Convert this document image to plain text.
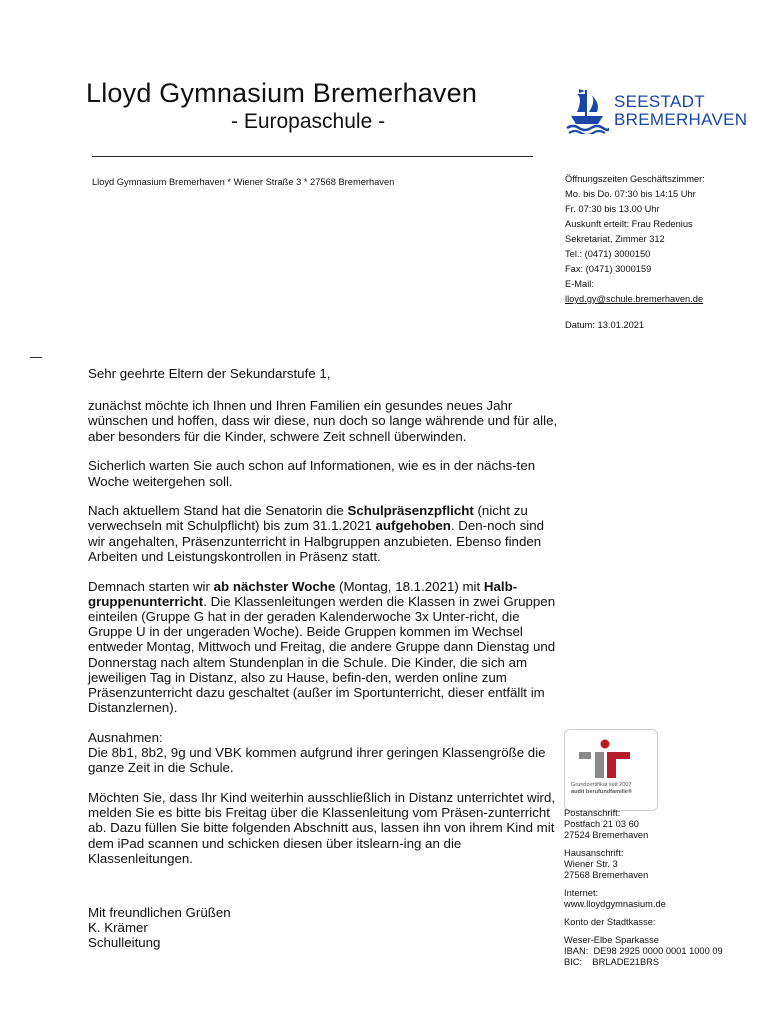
Lloyd Gymnasium Bremerhaven
- Europaschule -
Lloyd Gymnasium Bremerhaven * Wiener Straße 3 * 27568 Bremerhaven
SEESTADT
BREMERHAVEN
Öffnungszeiten Geschäftszimmer:
Mo. bis Do. 07:30 bis 14:15 Uhr
Fr. 07:30 bis 13.00 Uhr
Auskunft erteilt: Frau Redenius
Sekretariat, Zimmer 312
Tel.: (0471) 3000150
Fax: (0471) 3000159
E-Mail:
lloyd.gy@schule.bremerhaven.de
Datum: 13.01.2021

Sehr geehrte Eltern der Sekundarstufe 1,

zunächst möchte ich Ihnen und Ihren Familien ein gesundes neues Jahr wünschen und hoffen, dass wir diese, nun doch so lange währende und für alle, aber besonders für die Kinder, schwere Zeit schnell überwinden.

Sicherlich warten Sie auch schon auf Informationen, wie es in der nächs-ten Woche weitergehen soll.

Nach aktuellem Stand hat die Senatorin die Schulpräsenzpflicht (nicht zu verwechseln mit Schulpflicht) bis zum 31.1.2021 aufgehoben. Den-noch sind wir angehalten, Präsenzunterricht in Halbgruppen anzubieten. Ebenso finden Arbeiten und Leistungskontrollen in Präsenz statt.

Demnach starten wir ab nächster Woche (Montag, 18.1.2021) mit Halb-gruppenunterricht. Die Klassenleitungen werden die Klassen in zwei Gruppen einteilen (Gruppe G hat in der geraden Kalenderwoche 3x Unter-richt, die Gruppe U in der ungeraden Woche). Beide Gruppen kommen im Wechsel entweder Montag, Mittwoch und Freitag, die andere Gruppe dann Dienstag und Donnerstag nach altem Stundenplan in die Schule. Die Kinder, die sich am jeweiligen Tag in Distanz, also zu Hause, befin-den, werden online zum Präsenzunterricht dazu geschaltet (außer im Sportunterricht, dieser entfällt im Distanzlernen).

Ausnahmen:
Die 8b1, 8b2, 9g und VBK kommen aufgrund ihrer geringen Klassengröße die ganze Zeit in die Schule.

Möchten Sie, dass Ihr Kind weiterhin ausschließlich in Distanz unterrichtet wird, melden Sie es bitte bis Freitag über die Klassenleitung vom Präsen-zunterricht ab. Dazu füllen Sie bitte folgenden Abschnitt aus, lassen ihn von ihrem Kind mit dem iPad scannen und schicken diesen über itslearn-ing an die Klassenleitungen.

Mit freundlichen Grüßen
K. Krämer
Schulleitung
Grundzertifikat seit 2007
audit berufundfamilie®
Postanschrift:
Postfach 21 03 60
27524 Bremerhaven
Hausanschrift:
Wiener Str. 3
27568 Bremerhaven
Internet:
www.lloydgymnasium.de
Konto der Stadtkasse:
Weser-Elbe Sparkasse
IBAN:  DE98 2925 0000 0001 1000 09
BIC:    BRLADE21BRS
